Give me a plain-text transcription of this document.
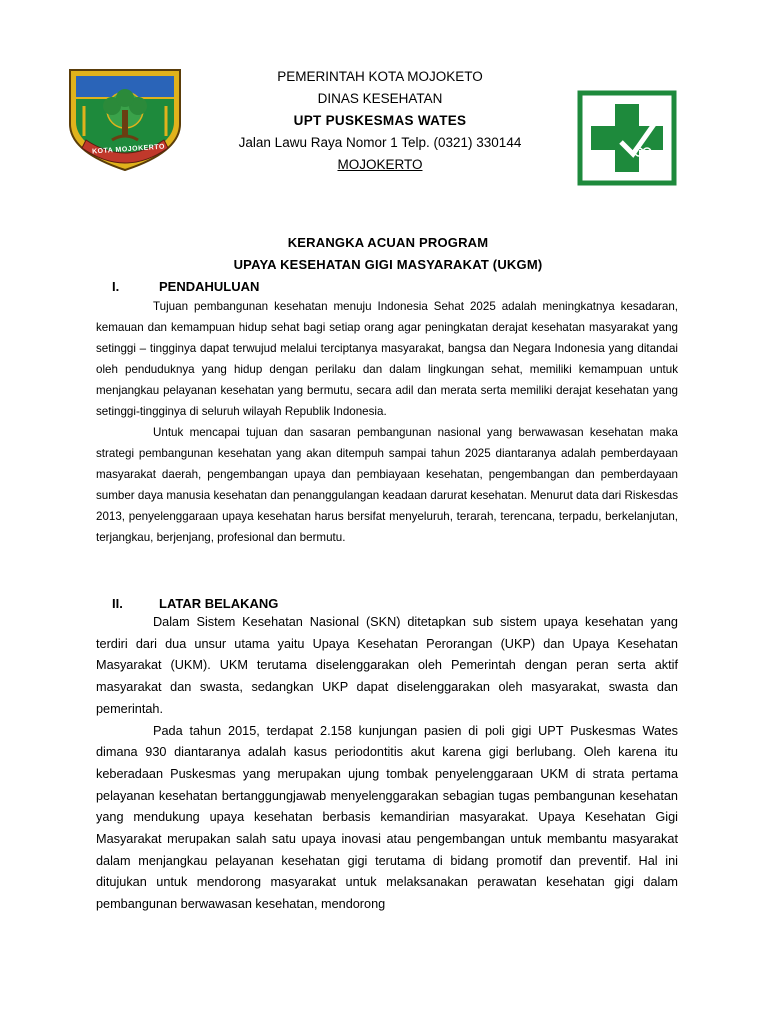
KOTA MOJOKERTO
PEMERINTAH KOTA MOJOKETO
DINAS KESEHATAN
UPT PUSKESMAS WATES
Jalan Lawu Raya Nomor 1 Telp. (0321) 330144
MOJOKERTO
KERANGKA ACUAN PROGRAM
UPAYA KESEHATAN GIGI MASYARAKAT (UKGM)
I.	PENDAHULUAN

Tujuan pembangunan kesehatan menuju Indonesia Sehat 2025 adalah meningkatnya kesadaran, kemauan dan kemampuan hidup sehat bagi setiap orang agar peningkatan derajat kesehatan masyarakat yang setinggi – tingginya dapat terwujud melalui terciptanya masyarakat, bangsa dan Negara Indonesia yang ditandai oleh penduduknya yang hidup dengan perilaku dan dalam lingkungan sehat, memiliki kemampuan untuk menjangkau pelayanan kesehatan yang bermutu, secara adil dan merata serta memiliki derajat kesehatan yang setinggi-tingginya di seluruh wilayah Republik Indonesia.

Untuk mencapai tujuan dan sasaran pembangunan nasional yang berwawasan kesehatan maka strategi pembangunan kesehatan yang akan ditempuh sampai tahun 2025 diantaranya adalah pemberdayaan masyarakat daerah, pengembangan upaya dan pembiayaan kesehatan, pengembangan dan pemberdayaan sumber daya manusia kesehatan dan penanggulangan keadaan darurat kesehatan. Menurut data dari Riskesdas 2013, penyelenggaraan upaya kesehatan harus bersifat menyeluruh, terarah, terencana, terpadu, berkelanjutan, terjangkau, berjenjang, profesional dan bermutu.

II.	LATAR BELAKANG

Dalam Sistem Kesehatan Nasional (SKN) ditetapkan sub sistem upaya kesehatan yang terdiri dari dua unsur utama yaitu Upaya Kesehatan Perorangan (UKP) dan Upaya Kesehatan Masyarakat (UKM). UKM terutama diselenggarakan oleh Pemerintah dengan peran serta aktif masyarakat dan swasta, sedangkan UKP dapat diselenggarakan oleh masyarakat, swasta dan pemerintah.

Pada tahun 2015, terdapat 2.158 kunjungan pasien di poli gigi UPT Puskesmas Wates dimana 930 diantaranya adalah kasus periodontitis akut karena gigi berlubang. Oleh karena itu keberadaan Puskesmas yang merupakan ujung tombak penyelenggaraan UKM di strata pertama pelayanan kesehatan bertanggungjawab menyelenggarakan sebagian tugas pembangunan kesehatan yang mendukung upaya kesehatan berbasis kemandirian masyarakat. Upaya Kesehatan Gigi Masyarakat merupakan salah satu upaya inovasi atau pengembangan untuk membantu masyarakat dalam menjangkau pelayanan kesehatan gigi terutama di bidang promotif dan preventif. Hal ini ditujukan untuk mendorong masyarakat untuk melaksanakan perawatan kesehatan gigi dalam pembangunan berwawasan kesehatan, mendorong
